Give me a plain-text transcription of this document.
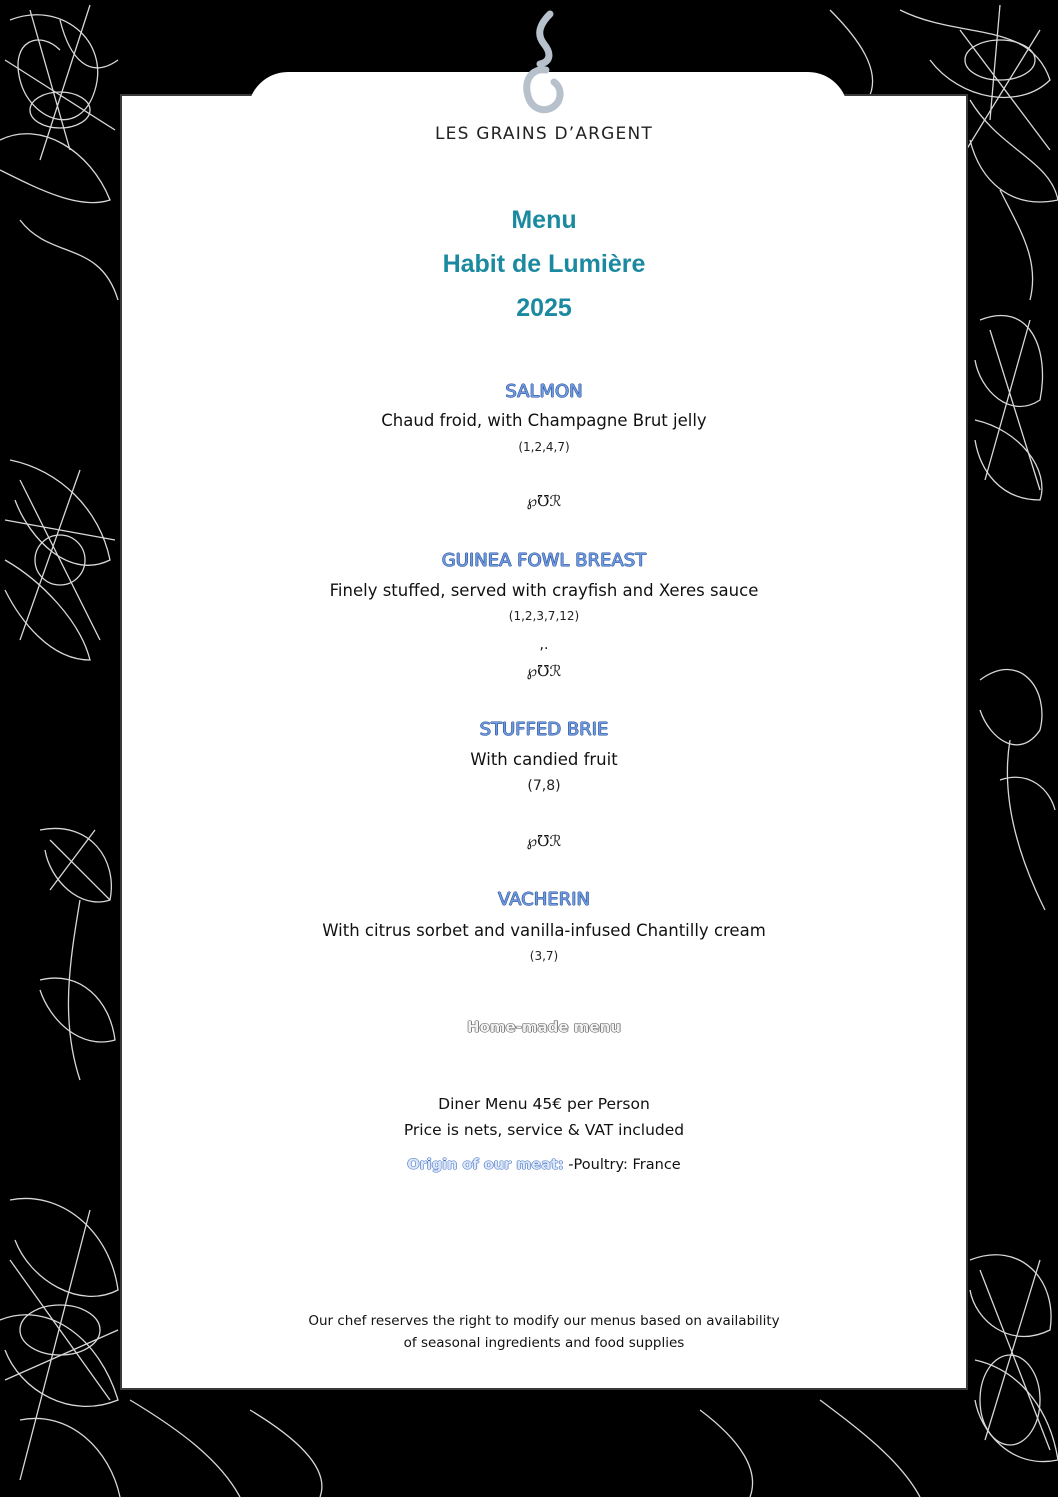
LES GRAINS D’ARGENT
Menu
Habit de Lumière
2025
SALMON
Chaud froid, with Champagne Brut jelly
(1,2,4,7)
℘℧ℛ
GUINEA FOWL BREAST
Finely stuffed, served with crayfish and Xeres sauce
(1,2,3,7,12)
,.
℘℧ℛ
STUFFED BRIE
With candied fruit
(7,8)
℘℧ℛ
VACHERIN
With citrus sorbet and vanilla-infused Chantilly cream
(3,7)
Home-made menu
Diner Menu 45€ per Person
Price is nets, service & VAT included
Origin of our meat: -Poultry: France
Our chef reserves the right to modify our menus based on availability
of seasonal ingredients and food supplies
